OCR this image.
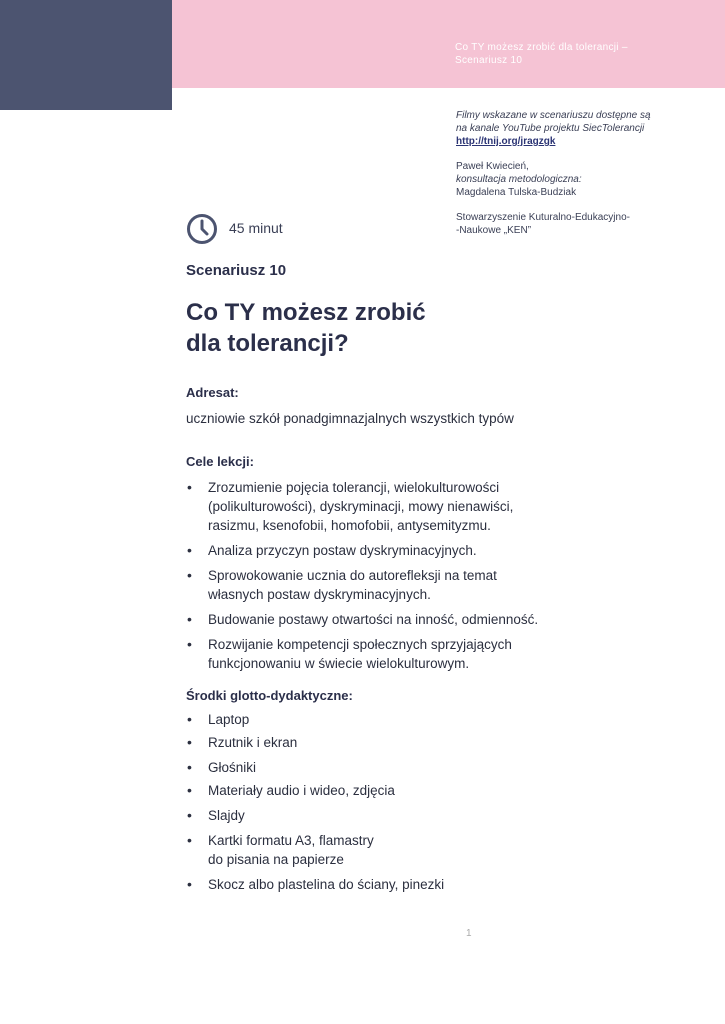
Co TY możesz zrobić dla tolerancji –
Scenariusz 10
Filmy wskazane w scenariuszu dostępne są
na kanale YouTube projektu SiecTolerancji
http://tnij.org/jragzgk
Paweł Kwiecień,
konsultacja metodologiczna:
Magdalena Tulska-Budziak
Stowarzyszenie Kuturalno-Edukacyjno-
-Naukowe „KEN”
45 minut
Scenariusz 10
Co TY możesz zrobić
dla tolerancji?
Adresat:
uczniowie szkół ponadgimnazjalnych wszystkich typów
Cele lekcji:
• Zrozumienie pojęcia tolerancji, wielokulturowości
(polikulturowości), dyskryminacji, mowy nienawiści,
rasizmu, ksenofobii, homofobii, antysemityzmu.
• Analiza przyczyn postaw dyskryminacyjnych.
• Sprowokowanie ucznia do autorefleksji na temat
własnych postaw dyskryminacyjnych.
• Budowanie postawy otwartości na inność, odmienność.
• Rozwijanie kompetencji społecznych sprzyjających
funkcjonowaniu w świecie wielokulturowym.
Środki glotto-dydaktyczne:
• Laptop
• Rzutnik i ekran
• Głośniki
• Materiały audio i wideo, zdjęcia
• Slajdy
• Kartki formatu A3, flamastry
do pisania na papierze
• Skocz albo plastelina do ściany, pinezki
1
